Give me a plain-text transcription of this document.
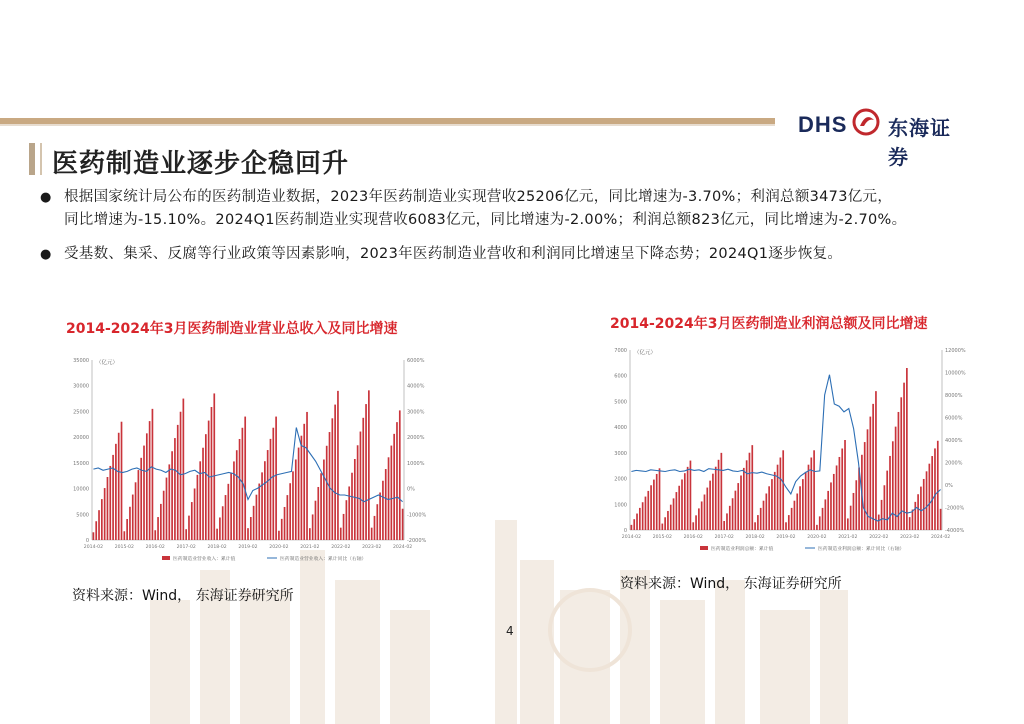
DHS 东海证券
医药制造业逐步企稳回升
● 根据国家统计局公布的医药制造业数据，2023年医药制造业实现营收25206亿元，同比增速为-3.70%；利润总额3473亿元，
同比增速为-15.10%。2024Q1医药制造业实现营收6083亿元，同比增速为-2.00%；利润总额823亿元，同比增速为-2.70%。
● 受基数、集采、反腐等行业政策等因素影响，2023年医药制造业营收和利润同比增速呈下降态势；2024Q1逐步恢复。
2014-2024年3月医药制造业营业总收入及同比增速
（亿元）
35000
30000
25000
20000
15000
10000
5000
0
6000%
4000%
3000%
2000%
1000%
0%
-1000%
-2000%
2014-02	2015-02	2016-02	2017-02	2018-02	2019-02	2020-02	2021-02	2022-02	2023-02	2024-02
医药制造业营业收入：累计值	医药制造业营业收入：累计同比（右轴）
资料来源：Wind， 东海证券研究所
2014-2024年3月医药制造业利润总额及同比增速
（亿元）
7000
6000
5000
4000
3000
2000
1000
0
12000%
10000%
8000%
6000%
4000%
2000%
0%
-2000%
-4000%
2014-02	2015-02	2016-02	2017-02	2018-02	2019-02	2020-02	2021-02	2022-02	2023-02	2024-02
医药制造业利润总额：累计值	医药制造业利润总额：累计同比（右轴）
资料来源：Wind， 东海证券研究所
4
